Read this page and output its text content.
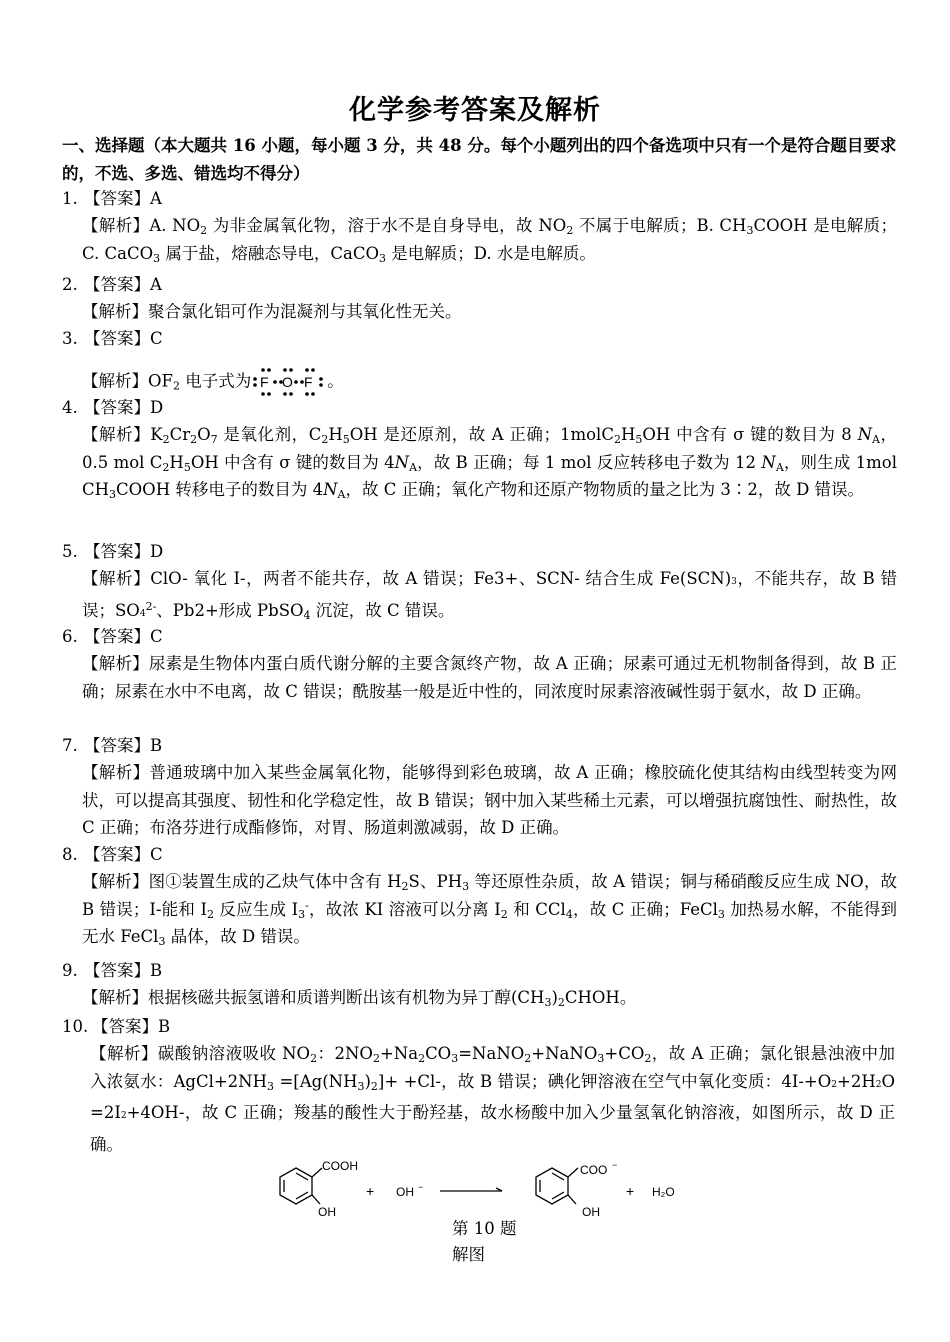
化学参考答案及解析
一、选择题（本大题共 16 小题，每小题 3 分，共 48 分。每个小题列出的四个备选项中只有一个是符合题目要求的，不选、多选、错选均不得分）
1. 【答案】A
【解析】A. $NO_2$ 为非金属氧化物，溶于水不是自身导电，故 $NO_2$ 不属于电解质；B. $CH_3COOH$ 是电解质；C. CaCO$_3$ 属于盐，熔融态导电，CaCO$_3$ 是电解质；D. 水是电解质。
2. 【答案】A
【解析】聚合氯化铝可作为混凝剂与其氧化性无关。
3. 【答案】C
【解析】$OF_2$ 电子式为 F O F 。
4. 【答案】D
【解析】$K_2Cr_2O_7$ 是氧化剂，$C_2H_5OH$ 是还原剂，故 A 正确；$1molC_2H_5OH$ 中含有 σ 键的数目为 8 $N_A$，0.5 mol $C_2H_5OH$ 中含有 σ 键的数目为 $4N_A$，故 B 正确；每 1 mol 反应转移电子数为 12 $N_A$，则生成 1mol $CH_3COOH$ 转移电子的数目为 $4N_A$，故 C 正确；氧化产物和还原产物物质的量之比为 3∶2，故 D 错误。
5. 【答案】D
【解析】ClO- 氧化 I-，两者不能共存，故 A 错误；Fe3+、SCN- 结合生成 Fe(SCN)3，不能共存，故 B 错误；$SO4^{2-}$、Pb2+形成 PbSO$_4$ 沉淀，故 C 错误。
6. 【答案】C
【解析】尿素是生物体内蛋白质代谢分解的主要含氮终产物，故 A 正确；尿素可通过无机物制备得到，故 B 正确；尿素在水中不电离，故 C 错误；酰胺基一般是近中性的，同浓度时尿素溶液碱性弱于氨水，故 D 正确。
7. 【答案】B
【解析】普通玻璃中加入某些金属氧化物，能够得到彩色玻璃，故 A 正确；橡胶硫化使其结构由线型转变为网状，可以提高其强度、韧性和化学稳定性，故 B 错误；钢中加入某些稀土元素，可以增强抗腐蚀性、耐热性，故 C 正确；布洛芬进行成酯修饰，对胃、肠道刺激减弱，故 D 正确。
8. 【答案】C
【解析】图①装置生成的乙炔气体中含有 $H_2S$、$PH_3$ 等还原性杂质，故 A 错误；铜与稀硝酸反应生成 NO，故 B 错误；I-能和 $I_2$ 反应生成 $I_3^-$，故浓 KI 溶液可以分离 $I_2$ 和 CCl$_4$，故 C 正确；FeCl$_3$ 加热易水解，不能得到无水 FeCl$_3$ 晶体，故 D 错误。
9. 【答案】B
【解析】根据核磁共振氢谱和质谱判断出该有机物为异丁醇$(CH_3)_2CHOH$。
10. 【答案】B
【解析】碳酸钠溶液吸收 $NO_2$：$2NO_2+Na_2CO_3=NaNO_2+NaNO_3+CO_2$，故 A 正确；氯化银悬浊液中加入浓氨水：$AgCl+2NH_3 =[Ag(NH_3)_2]+ +Cl-$，故 B 错误；碘化钾溶液在空气中氧化变质：4I-+O2+2H2O =2I2+4OH-，故 C 正确；羧基的酸性大于酚羟基，故水杨酸中加入少量氢氧化钠溶液，如图所示，故 D 正确。
COOH
OH
+ OH −
COO −
OH
+ H₂O
第 10 题
解图
